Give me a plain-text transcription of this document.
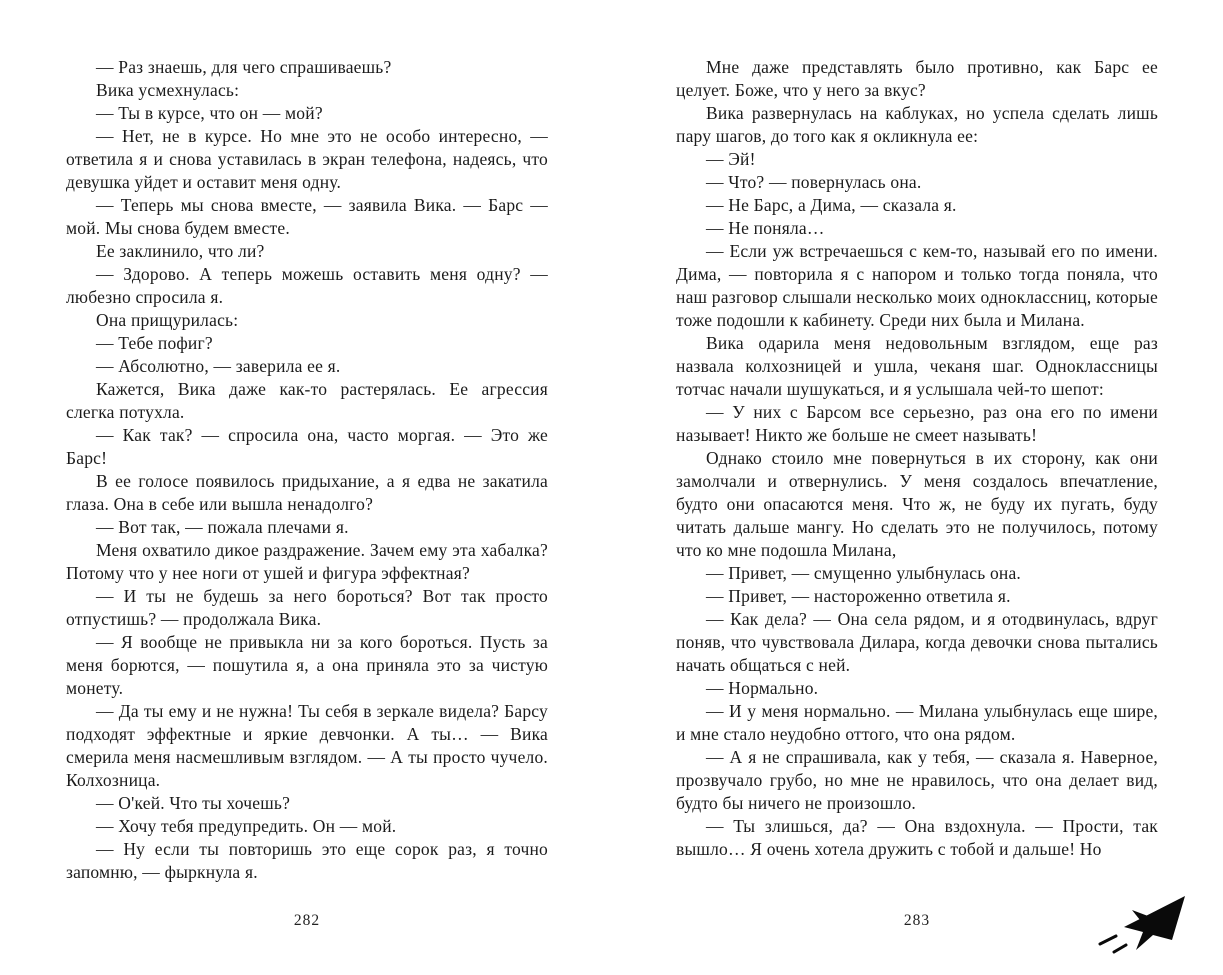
— Раз знаешь, для чего спрашиваешь?

Вика усмехнулась:

— Ты в курсе, что он — мой?

— Нет, не в курсе. Но мне это не особо интересно, — ответила я и снова уставилась в экран телефона, надеясь, что девушка уйдет и оставит меня одну.

— Теперь мы снова вместе, — заявила Вика. — Барс — мой. Мы снова будем вместе.

Ее заклинило, что ли?

— Здорово. А теперь можешь оставить меня одну? — любезно спросила я.

Она прищурилась:

— Тебе пофиг?

— Абсолютно, — заверила ее я.

Кажется, Вика даже как-то растерялась. Ее агрессия слегка потухла.

— Как так? — спросила она, часто моргая. — Это же Барс!

В ее голосе появилось придыхание, а я едва не закатила глаза. Она в себе или вышла ненадолго?

— Вот так, — пожала плечами я.

Меня охватило дикое раздражение. Зачем ему эта хабалка? Потому что у нее ноги от ушей и фигура эффектная?

— И ты не будешь за него бороться? Вот так просто отпустишь? — продолжала Вика.

— Я вообще не привыкла ни за кого бороться. Пусть за меня борются, — пошутила я, а она приняла это за чистую монету.

— Да ты ему и не нужна! Ты себя в зеркале видела? Барсу подходят эффектные и яркие девчонки. А ты… — Вика смерила меня насмешливым взглядом. — А ты просто чучело. Колхозница.

— О'кей. Что ты хочешь?

— Хочу тебя предупредить. Он — мой.

— Ну если ты повторишь это еще сорок раз, я точно запомню, — фыркнула я.

Мне даже представлять было противно, как Барс ее целует. Боже, что у него за вкус?

Вика развернулась на каблуках, но успела сделать лишь пару шагов, до того как я окликнула ее:

— Эй!

— Что? — повернулась она.

— Не Барс, а Дима, — сказала я.

— Не поняла…

— Если уж встречаешься с кем-то, называй его по имени. Дима, — повторила я с напором и только тогда поняла, что наш разговор слышали несколько моих одноклассниц, которые тоже подошли к кабинету. Среди них была и Милана.

Вика одарила меня недовольным взглядом, еще раз назвала колхозницей и ушла, чеканя шаг. Одноклассницы тотчас начали шушукаться, и я услышала чей-то шепот:

— У них с Барсом все серьезно, раз она его по имени называет! Никто же больше не смеет называть!

Однако стоило мне повернуться в их сторону, как они замолчали и отвернулись. У меня создалось впечатление, будто они опасаются меня. Что ж, не буду их пугать, буду читать дальше мангу. Но сделать это не получилось, потому что ко мне подошла Милана,

— Привет, — смущенно улыбнулась она.

— Привет, — настороженно ответила я.

— Как дела? — Она села рядом, и я отодвинулась, вдруг поняв, что чувствовала Дилара, когда девочки снова пытались начать общаться с ней.

— Нормально.

— И у меня нормально. — Милана улыбнулась еще шире, и мне стало неудобно оттого, что она рядом.

— А я не спрашивала, как у тебя, — сказала я. Наверное, прозвучало грубо, но мне не нравилось, что она делает вид, будто бы ничего не произошло.

— Ты злишься, да? — Она вздохнула. — Прости, так вышло… Я очень хотела дружить с тобой и дальше! Но

282	283
